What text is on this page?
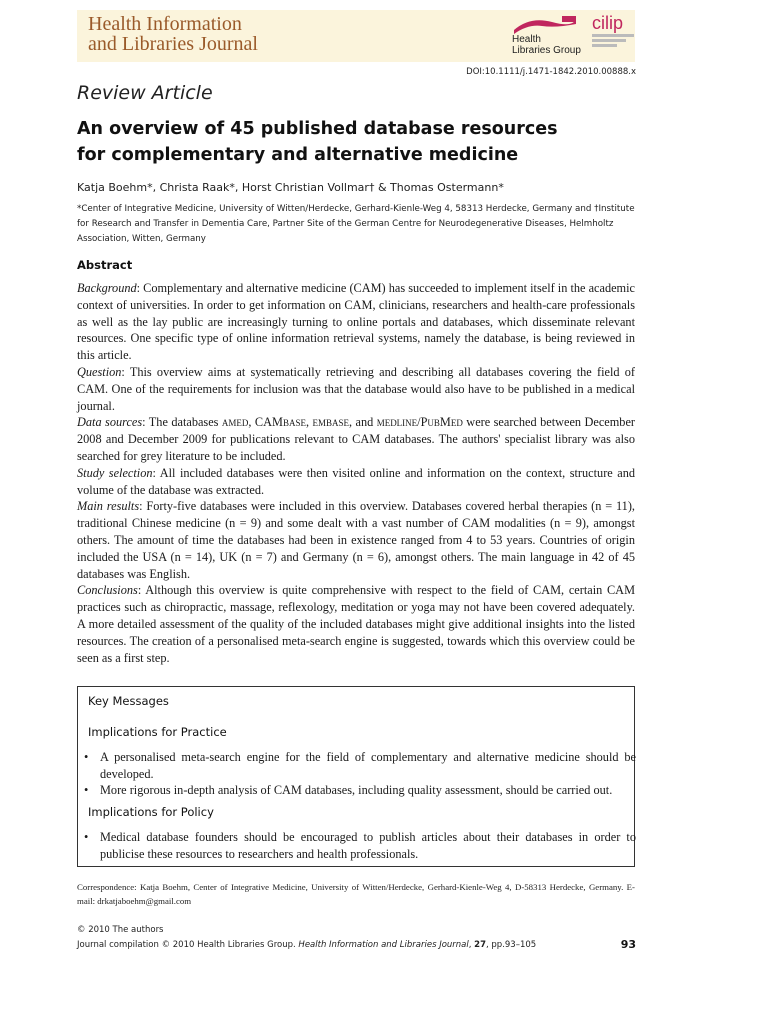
Health Information
and Libraries Journal	Health
Libraries Group
cilip
DOI:10.1111/j.1471-1842.2010.00888.x
Review Article
An overview of 45 published database resources
for complementary and alternative medicine
Katja Boehm*, Christa Raak*, Horst Christian Vollmar† & Thomas Ostermann*
*Center of Integrative Medicine, University of Witten/Herdecke, Gerhard-Kienle-Weg 4, 58313 Herdecke, Germany and †Institute for Research and Transfer in Dementia Care, Partner Site of the German Centre for Neurodegenerative Diseases, Helmholtz Association, Witten, Germany
Abstract

Background: Complementary and alternative medicine (CAM) has succeeded to implement itself in the academic context of universities. In order to get information on CAM, clinicians, researchers and health-care professionals as well as the lay public are increasingly turning to online portals and databases, which disseminate relevant resources. One specific type of online information retrieval systems, namely the database, is being reviewed in this article.

Question: This overview aims at systematically retrieving and describing all databases covering the field of CAM. One of the requirements for inclusion was that the database would also have to be published in a medical journal.

Data sources: The databases amed, CAMbase, embase, and medline/PubMed were searched between December 2008 and December 2009 for publications relevant to CAM databases. The authors' specialist library was also searched for grey literature to be included.

Study selection: All included databases were then visited online and information on the context, structure and volume of the database was extracted.

Main results: Forty-five databases were included in this overview. Databases covered herbal therapies (n = 11), traditional Chinese medicine (n = 9) and some dealt with a vast number of CAM modalities (n = 9), amongst others. The amount of time the databases had been in existence ranged from 4 to 53 years. Countries of origin included the USA (n = 14), UK (n = 7) and Germany (n = 6), amongst others. The main language in 42 of 45 databases was English.

Conclusions: Although this overview is quite comprehensive with respect to the field of CAM, certain CAM practices such as chiropractic, massage, reflexology, meditation or yoga may not have been covered adequately. A more detailed assessment of the quality of the included databases might give additional insights into the listed resources. The creation of a personalised meta-search engine is suggested, towards which this overview could be seen as a first step.

Key Messages
Implications for Practice
• A personalised meta-search engine for the field of complementary and alternative medicine should be developed.
• More rigorous in-depth analysis of CAM databases, including quality assessment, should be carried out.
Implications for Policy
• Medical database founders should be encouraged to publish articles about their databases in order to publicise these resources to researchers and health professionals.
Correspondence: Katja Boehm, Center of Integrative Medicine, University of Witten/Herdecke, Gerhard-Kienle-Weg 4, D-58313 Herdecke, Germany. E-mail: drkatjaboehm@gmail.com
© 2010 The authors
Journal compilation © 2010 Health Libraries Group. Health Information and Libraries Journal, 27, pp.93–105	93
